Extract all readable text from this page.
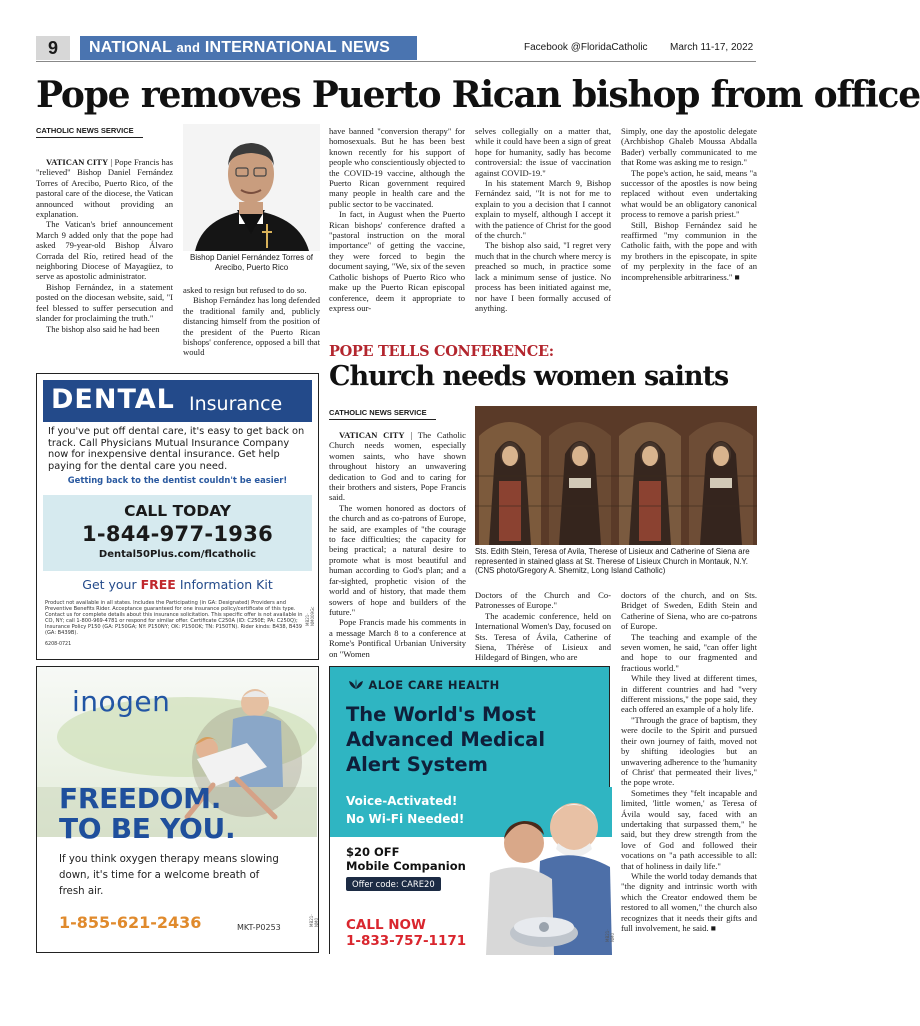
9	NATIONAL and INTERNATIONAL NEWS	Facebook @FloridaCatholic March 11-17, 2022
Pope removes Puerto Rican bishop from office
CATHOLIC NEWS SERVICE

VATICAN CITY | Pope Francis has "relieved" Bishop Daniel Fernández Torres of Arecibo, Puerto Rico, of the pastoral care of the diocese, the Vatican announced without providing an explanation.

The Vatican's brief announcement March 9 added only that the pope had asked 79-year-old Bishop Álvaro Corrada del Río, retired head of the neighboring Diocese of Mayagüez, to serve as apostolic administrator.

Bishop Fernández, in a statement posted on the diocesan website, said, "I feel blessed to suffer persecution and slander for proclaiming the truth."

The bishop also said he had been

Bishop Daniel Fernández Torres of Arecibo, Puerto Rico

asked to resign but refused to do so.

Bishop Fernández has long defended the traditional family and, publicly distancing himself from the position of the president of the Puerto Rican bishops' conference, opposed a bill that would

have banned "conversion therapy" for homosexuals. But he has been best known recently for his support of people who conscientiously objected to the COVID-19 vaccine, although the Puerto Rican government required many people in health care and the public sector to be vaccinated.

In fact, in August when the Puerto Rican bishops' conference drafted a "pastoral instruction on the moral importance" of getting the vaccine, they were forced to begin the document saying, "We, six of the seven Catholic bishops of Puerto Rico who make up the Puerto Rican episcopal conference, deem it appropriate to express our-

selves collegially on a matter that, while it could have been a sign of great hope for humanity, sadly has become controversial: the issue of vaccination against COVID-19."

In his statement March 9, Bishop Fernández said, "It is not for me to explain to you a decision that I cannot explain to myself, although I accept it with the patience of Christ for the good of the church."

The bishop also said, "I regret very much that in the church where mercy is preached so much, in practice some lack a minimum sense of justice. No process has been initiated against me, nor have I been formally accused of anything.

Simply, one day the apostolic delegate (Archbishop Ghaleb Moussa Abdalla Bader) verbally communicated to me that Rome was asking me to resign."

The pope's action, he said, means "a successor of the apostles is now being replaced without even undertaking what would be an obligatory canonical process to remove a parish priest."

Still, Bishop Fernández said he reaffirmed "my communion in the Catholic faith, with the pope and with my brothers in the episcopate, in spite of my perplexity in the face of an incomprehensible arbitrariness." ■

POPE TELLS CONFERENCE:
Church needs women saints
CATHOLIC NEWS SERVICE

VATICAN CITY | The Catholic Church needs women, especially women saints, who have shown throughout history an unwavering dedication to God and to caring for their brothers and sisters, Pope Francis said.

The women honored as doctors of the church and as co-patrons of Europe, he said, are examples of "the courage to face difficulties; the capacity for being practical; a natural desire to promote what is most beautiful and human according to God's plan; and a far-sighted, prophetic vision of the world and of history, that made them sowers of hope and builders of the future."

Pope Francis made his comments in a message March 8 to a conference at Rome's Pontifical Urbanian University on "Women

Sts. Edith Stein, Teresa of Avila, Therese of Lisieux and Catherine of Siena are represented in stained glass at St. Therese of Lisieux Church in Montauk, N.Y. (CNS photo/Gregory A. Shemitz, Long Island Catholic)

Doctors of the Church and Co-Patronesses of Europe."

The academic conference, held on International Women's Day, focused on Sts. Teresa of Ávila, Catherine of Siena, Thérèse of Lisieux and Hildegard of Bingen, who are

doctors of the church, and on Sts. Bridget of Sweden, Edith Stein and Catherine of Siena, who are co-patrons of Europe.

The teaching and example of the seven women, he said, "can offer light and hope to our fragmented and fractious world."

While they lived at different times, in different countries and had "very different missions," the pope said, they each offered an example of a holy life.

"Through the grace of baptism, they were docile to the Spirit and pursued their own journey of faith, moved not by shifting ideologies but an unwavering adherence to the 'humanity of Christ' that permeated their lives," the pope wrote.

Sometimes they "felt incapable and limited, 'little women,' as Teresa of Ávila would say, faced with an undertaking that surpassed them," he said, but they drew strength from the love of God and followed their vocations on "a path accessible to all: that of holiness in daily life."

While the world today demands that "the dignity and intrinsic worth with which the Creator endowed them be restored to all women," the church also recognizes that it needs their gifts and full involvement, he said. ■

DENTAL Insurance
If you've put off dental care, it's easy to get back on track. Call Physicians Mutual Insurance Company now for inexpensive dental insurance. Get help paying for the dental care you need.
Getting back to the dentist couldn't be easier!
CALL TODAY
1-844-977-1936
Dental50Plus.com/flcatholic
Get your FREE Information Kit
Product not available in all states. Includes the Participating (in GA: Designated) Providers and Preventive Benefits Rider. Acceptance guaranteed for one insurance policy/certificate of this type. Contact us for complete details about this insurance solicitation. This specific offer is not available in CO, NY; call 1-800-969-4781 or respond for similar offer. Certificate C250A (ID: C250E; PA: C250Q); Insurance Policy P150 (GA: P150GA; NY: P150NY; OK: P150OK; TN: P150TN). Rider kinds: B438, B439 (GA: B439B).
6208-0721
MB21-NM009Gc
inogen
FREEDOM.
TO BE YOU.
If you think oxygen therapy means slowing down, it's time for a welcome breath of fresh air.
1-855-621-2436	MKT-P0253
MB21-NM0
ALOE CARE HEALTH
The World's Most Advanced Medical Alert System
Voice-Activated!
No Wi-Fi Needed!
$20 OFF
Mobile Companion
Offer code: CARE20
CALL NOW
1-833-757-1171	MB21-NM0
